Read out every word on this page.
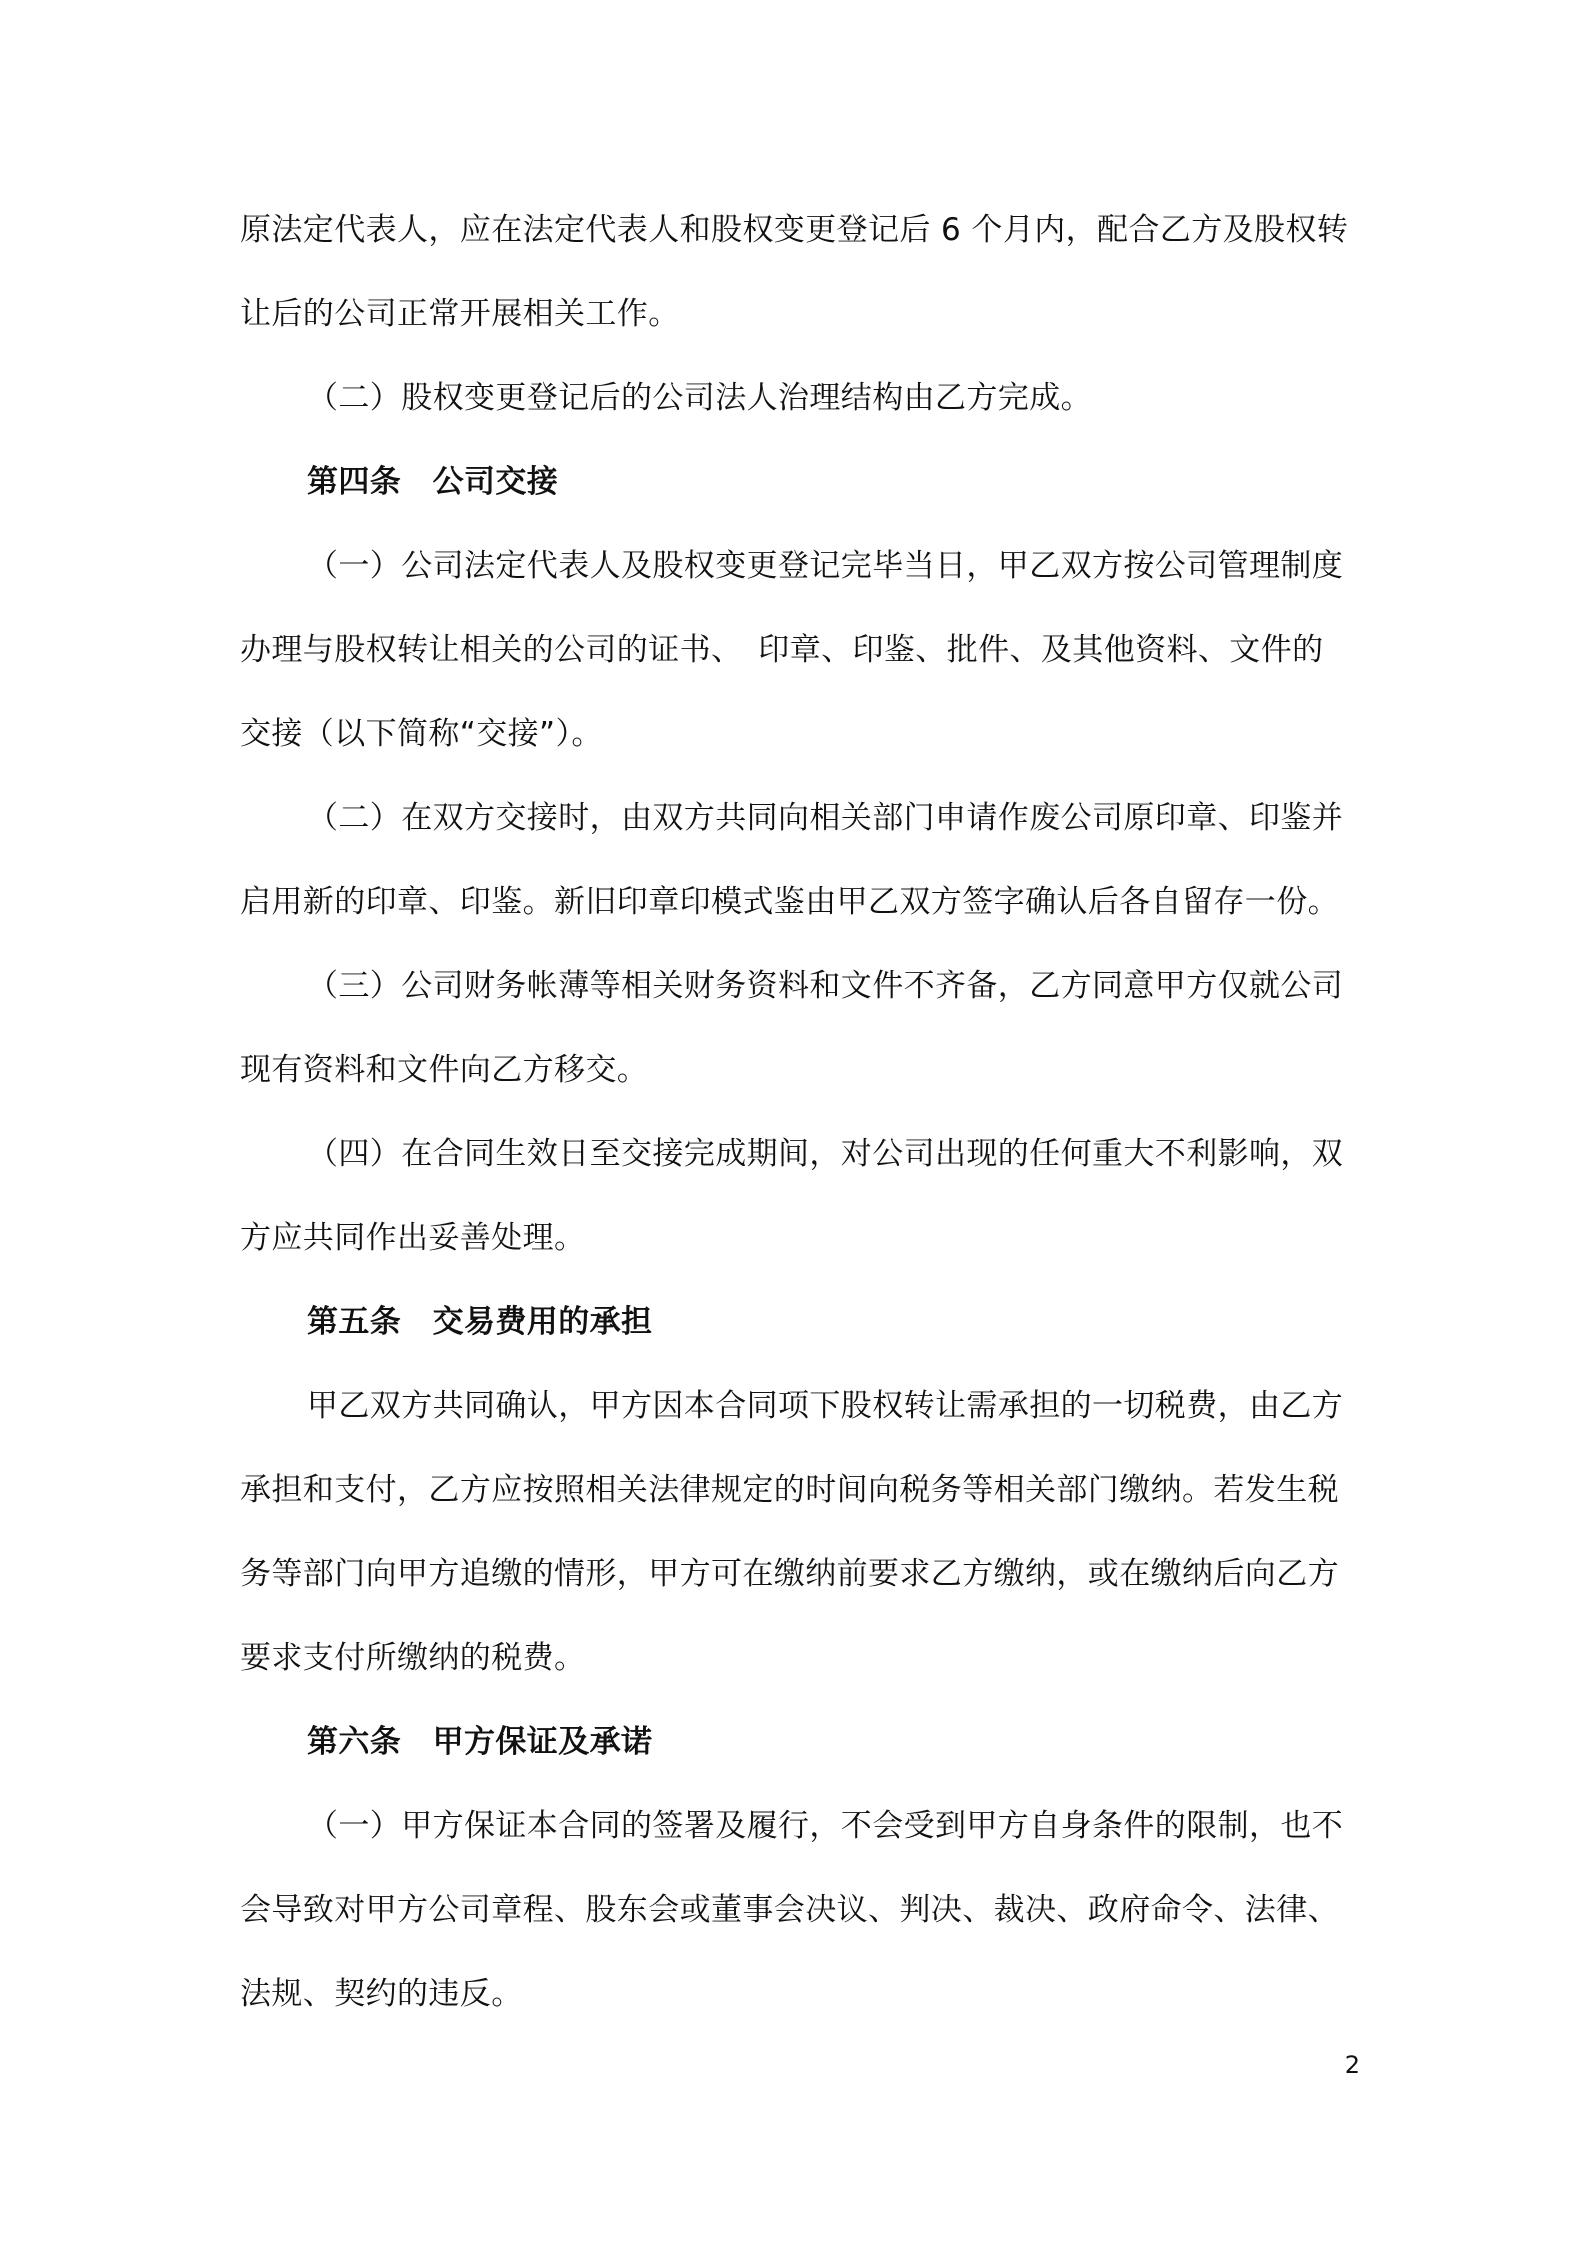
原法定代表人，应在法定代表人和股权变更登记后 6 个月内，配合乙方及股权转
让后的公司正常开展相关工作。
（二）股权变更登记后的公司法人治理结构由乙方完成。
第四条　公司交接
（一）公司法定代表人及股权变更登记完毕当日，甲乙双方按公司管理制度
办理与股权转让相关的公司的证书、　印章、印鉴、批件、及其他资料、文件的
交接（以下简称“交接”）。
（二）在双方交接时，由双方共同向相关部门申请作废公司原印章、印鉴并
启用新的印章、印鉴。新旧印章印模式鉴由甲乙双方签字确认后各自留存一份。
（三）公司财务帐薄等相关财务资料和文件不齐备，乙方同意甲方仅就公司
现有资料和文件向乙方移交。
（四）在合同生效日至交接完成期间，对公司出现的任何重大不利影响，双
方应共同作出妥善处理。
第五条　交易费用的承担
甲乙双方共同确认，甲方因本合同项下股权转让需承担的一切税费，由乙方
承担和支付，乙方应按照相关法律规定的时间向税务等相关部门缴纳。若发生税
务等部门向甲方追缴的情形，甲方可在缴纳前要求乙方缴纳，或在缴纳后向乙方
要求支付所缴纳的税费。
第六条　甲方保证及承诺
（一）甲方保证本合同的签署及履行，不会受到甲方自身条件的限制，也不
会导致对甲方公司章程、股东会或董事会决议、判决、裁决、政府命令、法律、
法规、契约的违反。
2
